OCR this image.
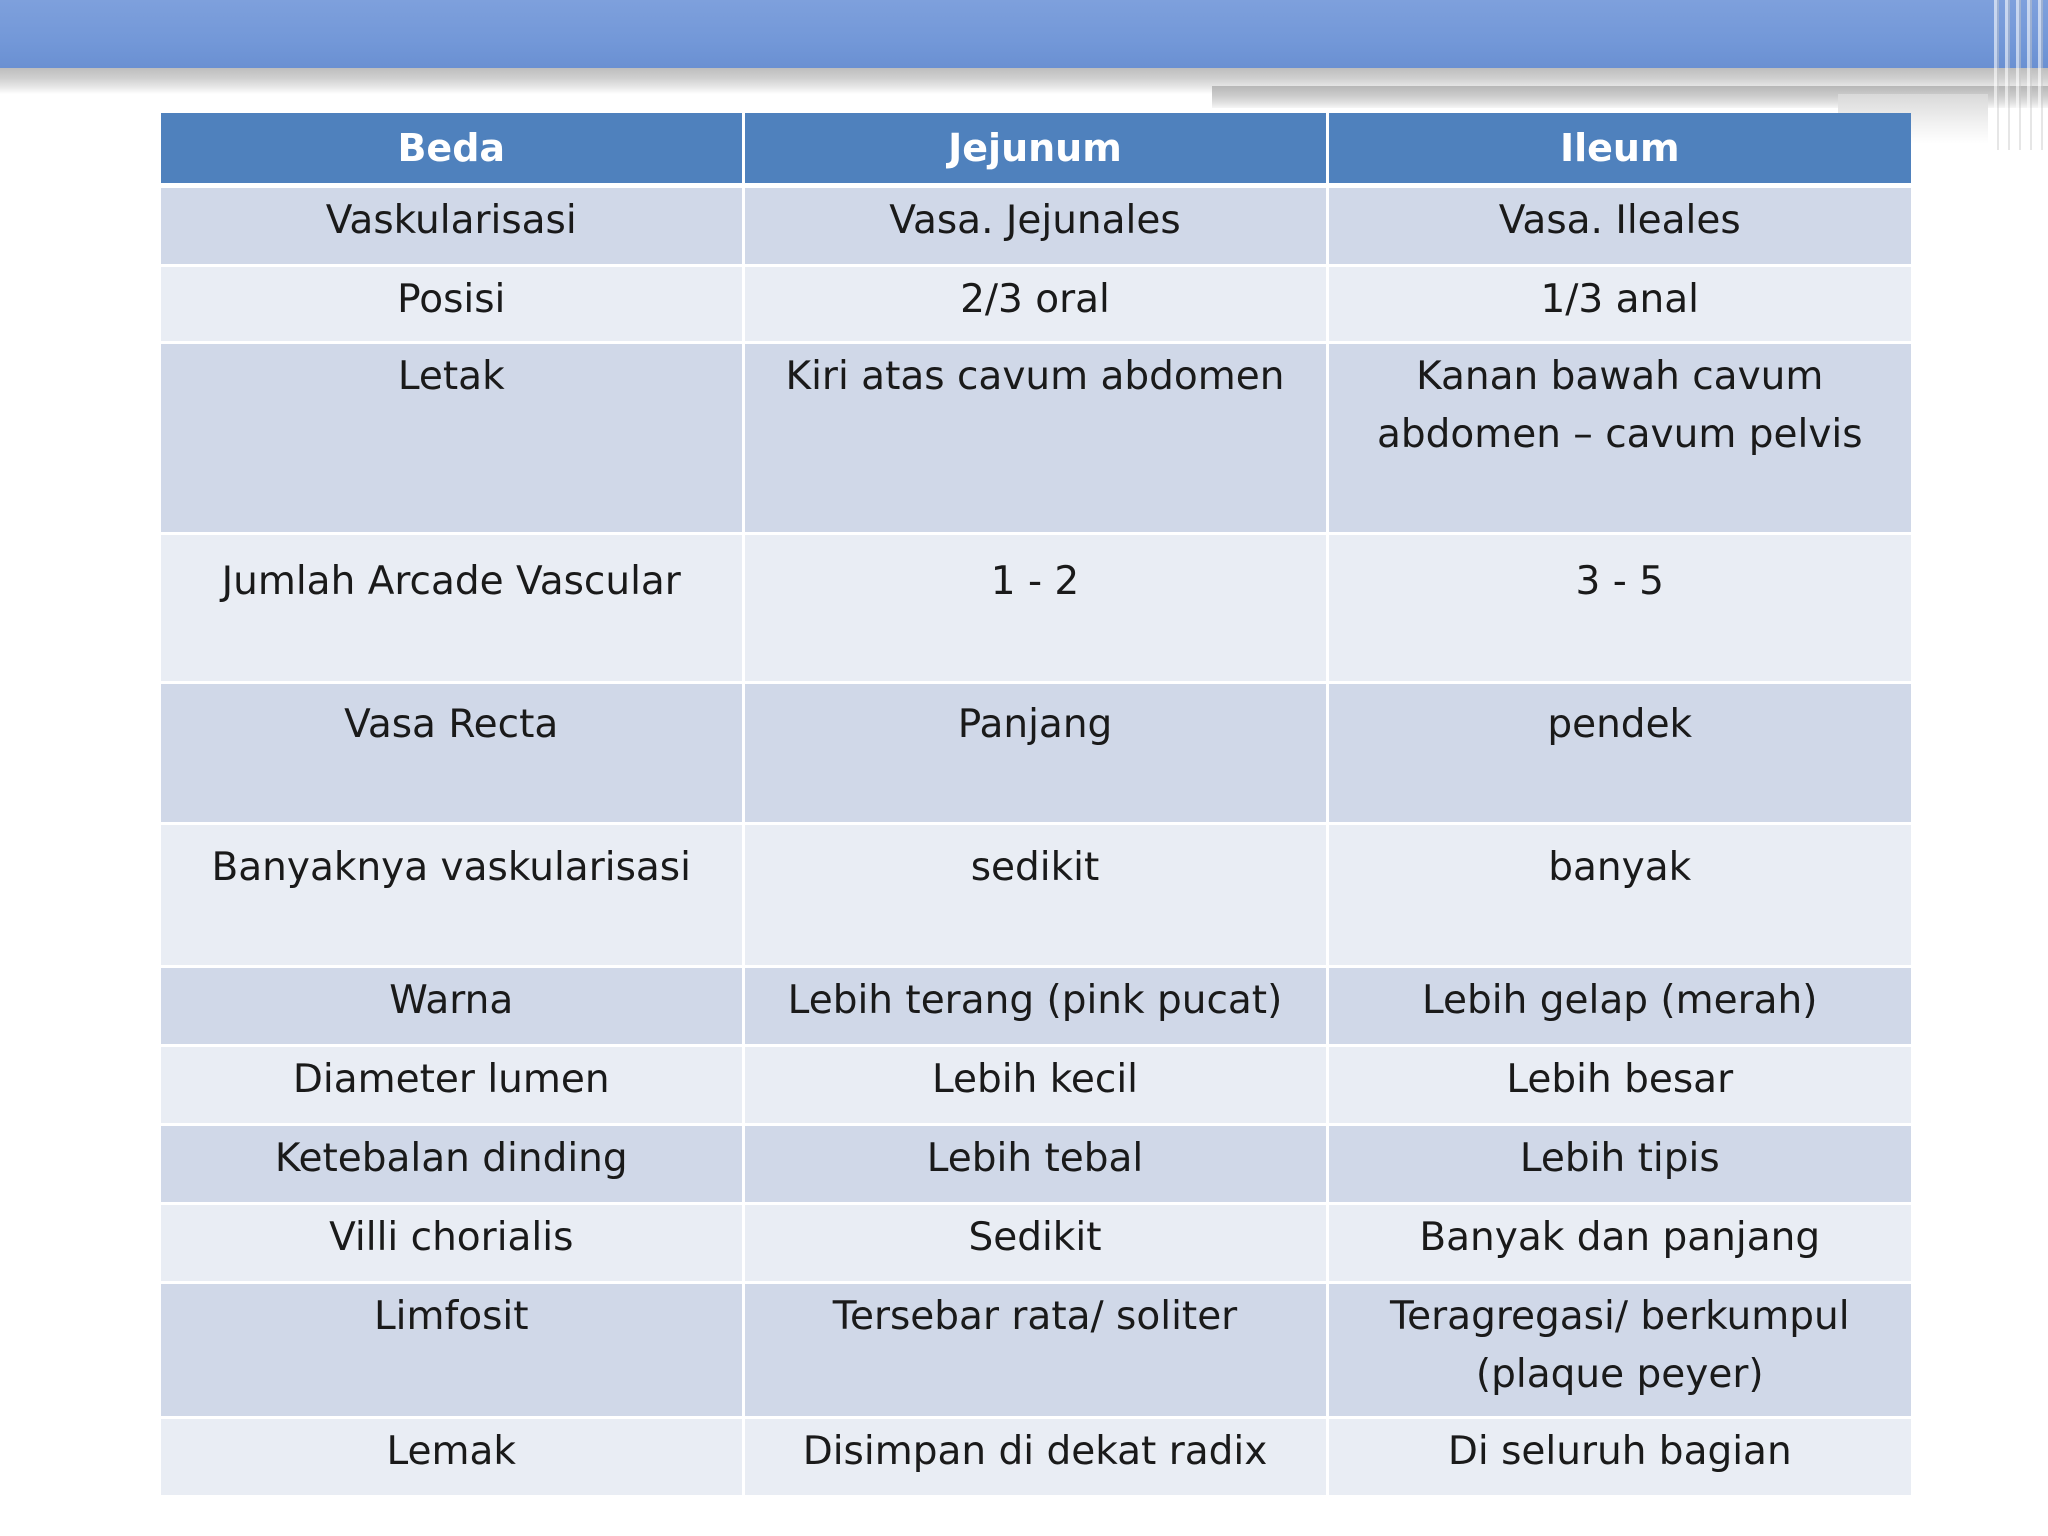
Beda	Jejunum	Ileum
Vaskularisasi	Vasa. Jejunales	Vasa. Ileales
Posisi	2/3 oral	1/3 anal
Letak	Kiri atas cavum abdomen	Kanan bawah cavum abdomen – cavum pelvis
Jumlah Arcade Vascular	1 - 2	3 - 5
Vasa Recta	Panjang	pendek
Banyaknya vaskularisasi	sedikit	banyak
Warna	Lebih terang (pink pucat)	Lebih gelap (merah)
Diameter lumen	Lebih kecil	Lebih besar
Ketebalan dinding	Lebih tebal	Lebih tipis
Villi chorialis	Sedikit	Banyak dan panjang
Limfosit	Tersebar rata/ soliter	Teragregasi/ berkumpul (plaque peyer)
Lemak	Disimpan di dekat radix	Di seluruh bagian
